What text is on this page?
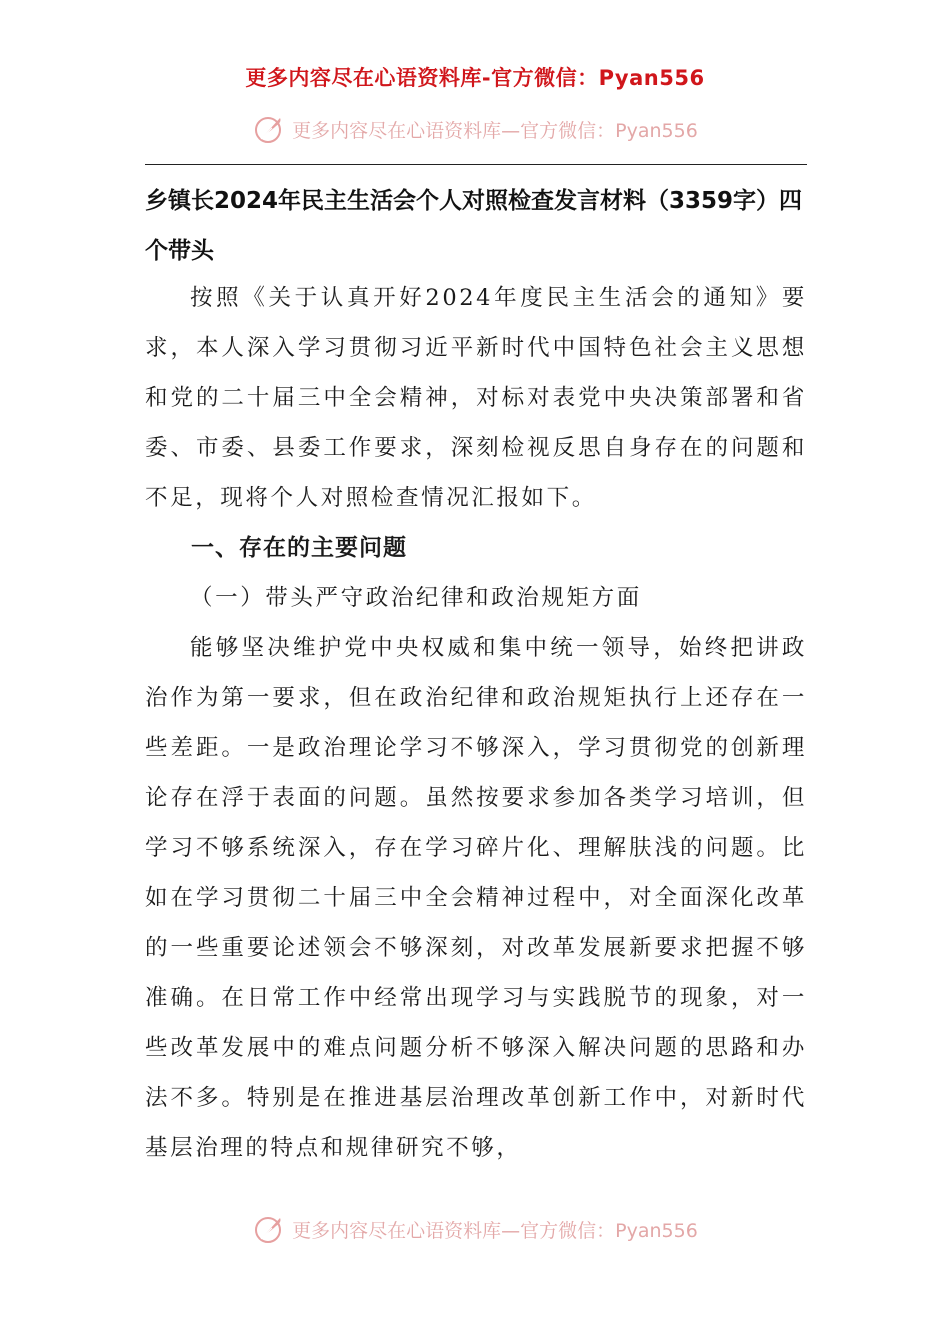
更多内容尽在心语资料库-官方微信：Pyan556
更多内容尽在心语资料库—官方微信：Pyan556
乡镇长2024年民主生活会个人对照检查发言材料（3359字）四个带头

按照《关于认真开好2024年度民主生活会的通知》要求，本人深入学习贯彻习近平新时代中国特色社会主义思想和党的二十届三中全会精神，对标对表党中央决策部署和省委、市委、县委工作要求，深刻检视反思自身存在的问题和不足，现将个人对照检查情况汇报如下。

一、存在的主要问题
（一）带头严守政治纪律和政治规矩方面

能够坚决维护党中央权威和集中统一领导，始终把讲政治作为第一要求，但在政治纪律和政治规矩执行上还存在一些差距。一是政治理论学习不够深入，学习贯彻党的创新理论存在浮于表面的问题。虽然按要求参加各类学习培训，但学习不够系统深入，存在学习碎片化、理解肤浅的问题。比如在学习贯彻二十届三中全会精神过程中，对全面深化改革的一些重要论述领会不够深刻，对改革发展新要求把握不够准确。在日常工作中经常出现学习与实践脱节的现象，对一些改革发展中的难点问题分析不够深入解决问题的思路和办法不多。特别是在推进基层治理改革创新工作中，对新时代基层治理的特点和规律研究不够，

更多内容尽在心语资料库—官方微信：Pyan556
